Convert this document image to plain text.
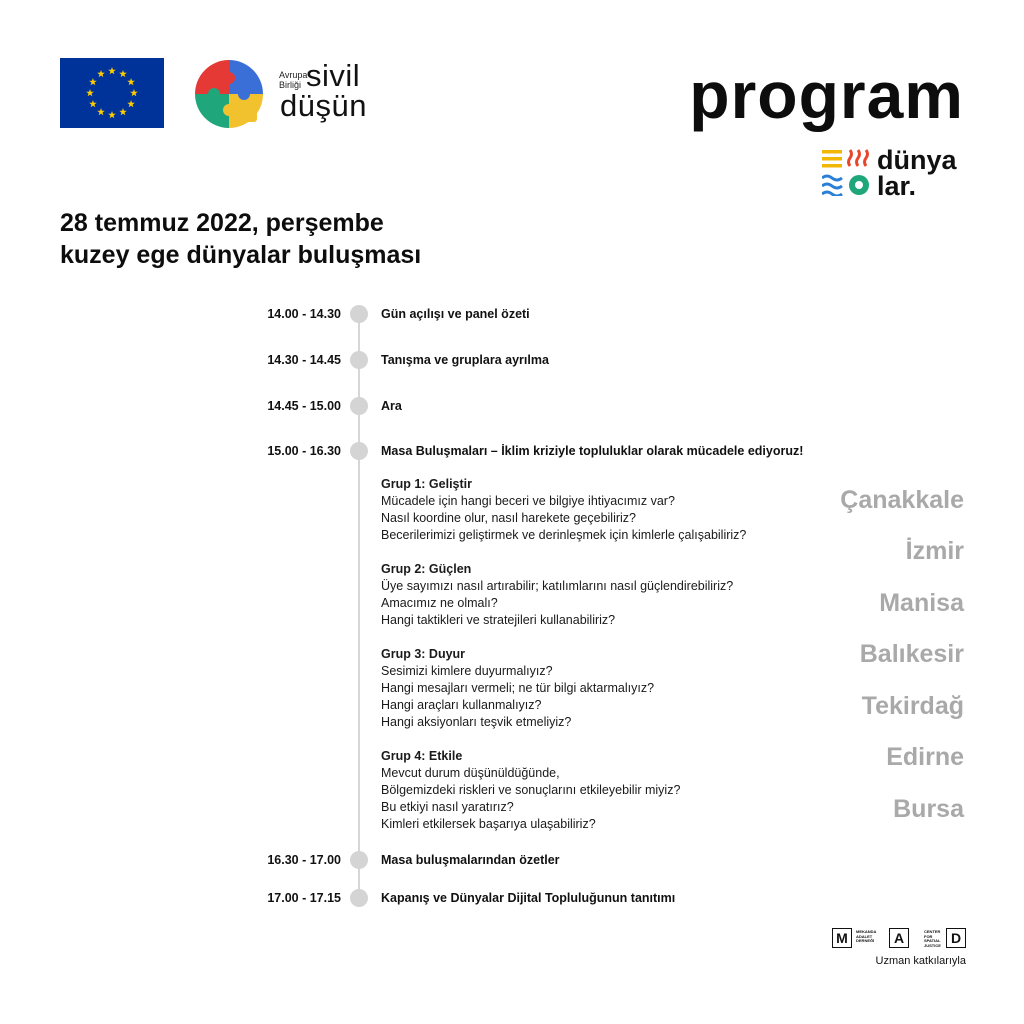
Avrupa
Birliği sivil
düşün	program
dünya
lar.
28 temmuz 2022, perşembe
kuzey ege dünyalar buluşması
14.00 - 14.30	Gün açılışı ve panel özeti
14.30 - 14.45	Tanışma ve gruplara ayrılma
14.45 - 15.00	Ara
15.00 - 16.30	Masa Buluşmaları – İklim kriziyle topluluklar olarak mücadele ediyoruz!
Grup 1: Geliştir
Mücadele için hangi beceri ve bilgiye ihtiyacımız var?
Nasıl koordine olur, nasıl harekete geçebiliriz?
Becerilerimizi geliştirmek ve derinleşmek için kimlerle çalışabiliriz?
Grup 2: Güçlen
Üye sayımızı nasıl artırabilir; katılımlarını nasıl güçlendirebiliriz?
Amacımız ne olmalı?
Hangi taktikleri ve stratejileri kullanabiliriz?
Grup 3: Duyur
Sesimizi kimlere duyurmalıyız?
Hangi mesajları vermeli; ne tür bilgi aktarmalıyız?
Hangi araçları kullanmalıyız?
Hangi aksiyonları teşvik etmeliyiz?
Grup 4: Etkile
Mevcut durum düşünüldüğünde,
Bölgemizdeki riskleri ve sonuçlarını etkileyebilir miyiz?
Bu etkiyi nasıl yaratırız?
Kimleri etkilersek başarıya ulaşabiliriz?
16.30 - 17.00	Masa buluşmalarından özetler
17.00 - 17.15	Kapanış ve Dünyalar Dijital Topluluğunun tanıtımı
Çanakkale
İzmir
Manisa
Balıkesir
Tekirdağ
Edirne
Bursa
M	MEKANDA
ADALET
DERNEĞİ	A	CENTER
FOR
SPATIAL
JUSTICE D
Uzman katkılarıyla
